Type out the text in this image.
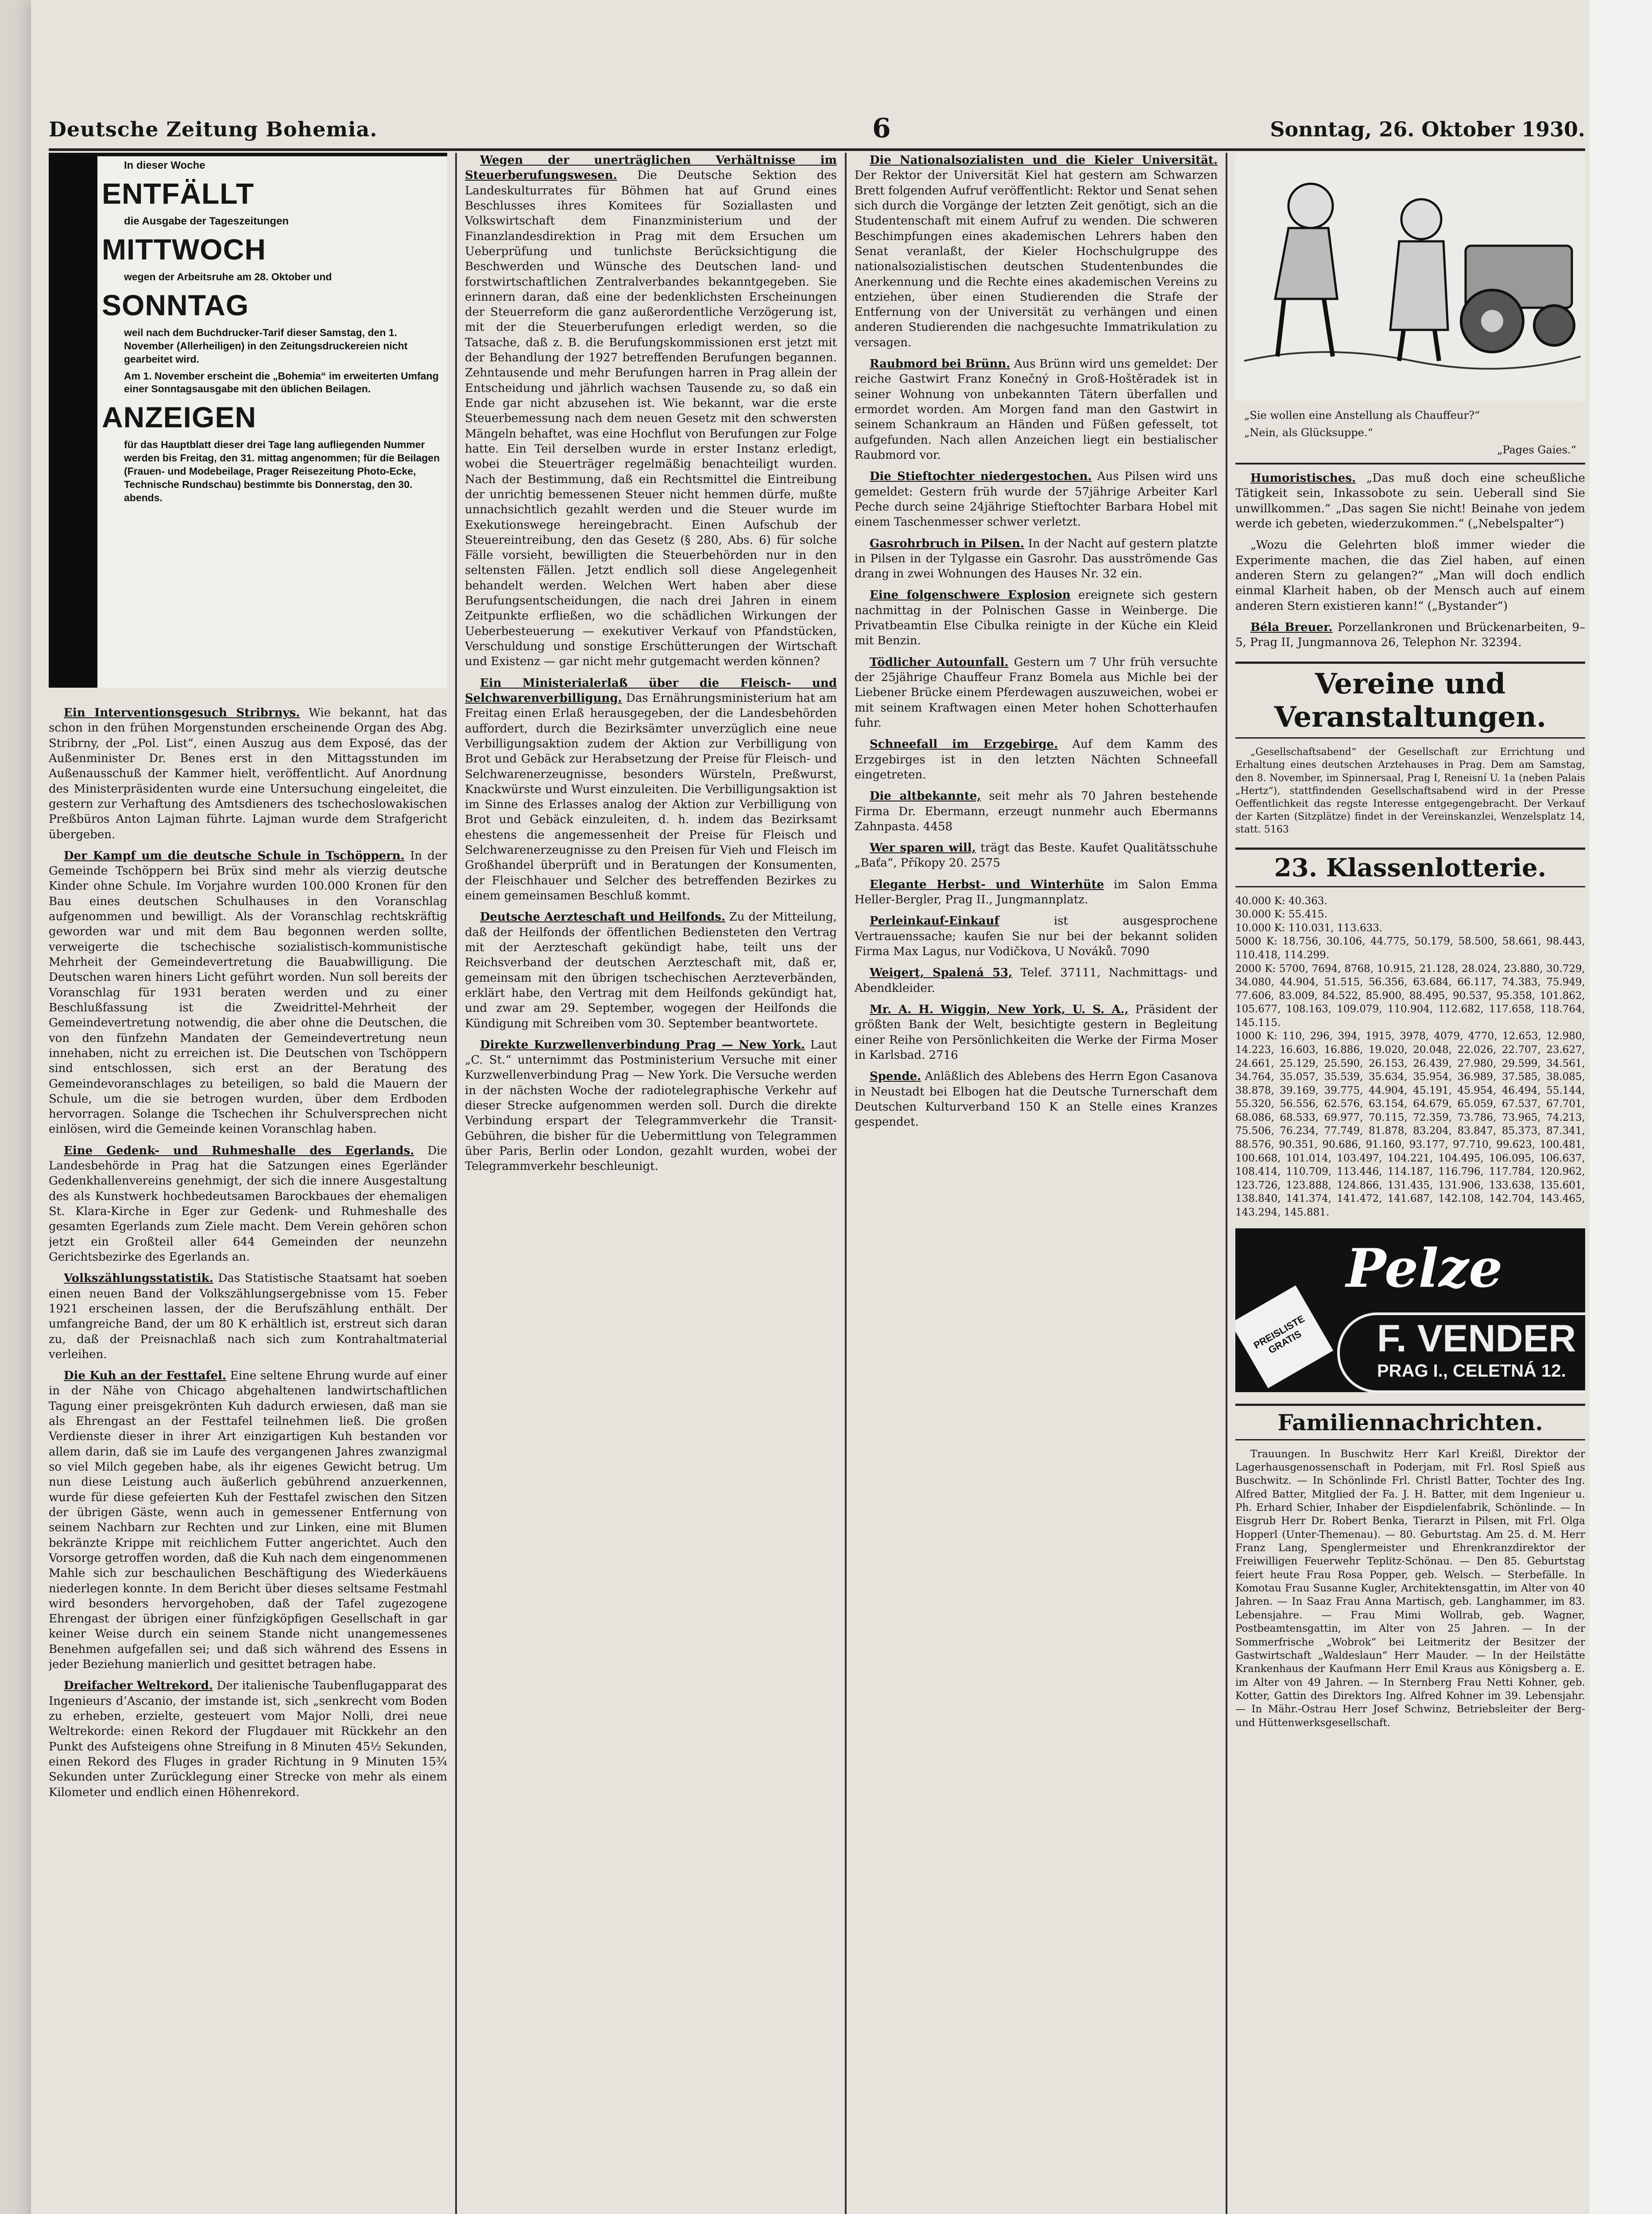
Deutsche Zeitung Bohemia.	6	Sonntag, 26. Oktober 1930.
In dieser Woche
ENTFÄLLT
die Ausgabe der Tageszeitungen
MITTWOCH
wegen der Arbeitsruhe am 28. Oktober und
SONNTAG
weil nach dem Buchdrucker-Tarif dieser Samstag, den 1. November (Allerheiligen) in den Zeitungsdruckereien nicht gearbeitet wird.
Am 1. November erscheint die „Bohemia“ im erweiterten Umfang einer Sonntagsausgabe mit den üblichen Beilagen.
ANZEIGEN
für das Hauptblatt dieser drei Tage lang aufliegenden Nummer werden bis Freitag, den 31. mittag angenommen; für die Beilagen (Frauen- und Modebeilage, Prager Reisezeitung Photo-Ecke, Technische Rundschau) bestimmte bis Donnerstag, den 30. abends.
Ein Interventionsgesuch Stribrnys. Wie bekannt, hat das schon in den frühen Morgenstunden erscheinende Organ des Abg. Stribrny, der „Pol. List“, einen Auszug aus dem Exposé, das der Außenminister Dr. Benes erst in den Mittagsstunden im Außenausschuß der Kammer hielt, veröffentlicht. Auf Anordnung des Ministerpräsidenten wurde eine Untersuchung eingeleitet, die gestern zur Verhaftung des Amtsdieners des tschechoslowakischen Preßbüros Anton Lajman führte. Lajman wurde dem Strafgericht übergeben.
Der Kampf um die deutsche Schule in Tschöppern. In der Gemeinde Tschöppern bei Brüx sind mehr als vierzig deutsche Kinder ohne Schule. Im Vorjahre wurden 100.000 Kronen für den Bau eines deutschen Schulhauses in den Voranschlag aufgenommen und bewilligt. Als der Voranschlag rechtskräftig geworden war und mit dem Bau begonnen werden sollte, verweigerte die tschechische sozialistisch-kommunistische Mehrheit der Gemeindevertretung die Bauabwilligung. Die Deutschen waren hiners Licht geführt worden. Nun soll bereits der Voranschlag für 1931 beraten werden und zu einer Beschlußfassung ist die Zweidrittel-Mehrheit der Gemeindevertretung notwendig, die aber ohne die Deutschen, die von den fünfzehn Mandaten der Gemeindevertretung neun innehaben, nicht zu erreichen ist. Die Deutschen von Tschöppern sind entschlossen, sich erst an der Beratung des Gemeindevoranschlages zu beteiligen, so bald die Mauern der Schule, um die sie betrogen wurden, über dem Erdboden hervorragen. Solange die Tschechen ihr Schulversprechen nicht einlösen, wird die Gemeinde keinen Voranschlag haben.
Eine Gedenk- und Ruhmeshalle des Egerlands. Die Landesbehörde in Prag hat die Satzungen eines Egerländer Gedenkhallenvereins genehmigt, der sich die innere Ausgestaltung des als Kunstwerk hochbedeutsamen Barockbaues der ehemaligen St. Klara-Kirche in Eger zur Gedenk- und Ruhmeshalle des gesamten Egerlands zum Ziele macht. Dem Verein gehören schon jetzt ein Großteil aller 644 Gemeinden der neunzehn Gerichtsbezirke des Egerlands an.
Volkszählungsstatistik. Das Statistische Staatsamt hat soeben einen neuen Band der Volkszählungsergebnisse vom 15. Feber 1921 erscheinen lassen, der die Berufszählung enthält. Der umfangreiche Band, der um 80 K erhältlich ist, erstreut sich daran zu, daß der Preisnachlaß nach sich zum Kontrahaltmaterial verleihen.
Die Kuh an der Festtafel. Eine seltene Ehrung wurde auf einer in der Nähe von Chicago abgehaltenen landwirtschaftlichen Tagung einer preisgekrönten Kuh dadurch erwiesen, daß man sie als Ehrengast an der Festtafel teilnehmen ließ. Die großen Verdienste dieser in ihrer Art einzigartigen Kuh bestanden vor allem darin, daß sie im Laufe des vergangenen Jahres zwanzigmal so viel Milch gegeben habe, als ihr eigenes Gewicht betrug. Um nun diese Leistung auch äußerlich gebührend anzuerkennen, wurde für diese gefeierten Kuh der Festtafel zwischen den Sitzen der übrigen Gäste, wenn auch in gemessener Entfernung von seinem Nachbarn zur Rechten und zur Linken, eine mit Blumen bekränzte Krippe mit reichlichem Futter angerichtet. Auch den Vorsorge getroffen worden, daß die Kuh nach dem eingenommenen Mahle sich zur beschaulichen Beschäftigung des Wiederkäuens niederlegen konnte. In dem Bericht über dieses seltsame Festmahl wird besonders hervorgehoben, daß der Tafel zugezogene Ehrengast der übrigen einer fünfzigköpfigen Gesellschaft in gar keiner Weise durch ein seinem Stande nicht unangemessenes Benehmen aufgefallen sei; und daß sich während des Essens in jeder Beziehung manierlich und gesittet betragen habe.
Dreifacher Weltrekord. Der italienische Taubenflugapparat des Ingenieurs d’Ascanio, der imstande ist, sich „senkrecht vom Boden zu erheben, erzielte, gesteuert vom Major Nolli, drei neue Weltrekorde: einen Rekord der Flugdauer mit Rückkehr an den Punkt des Aufsteigens ohne Streifung in 8 Minuten 45½ Sekunden, einen Rekord des Fluges in grader Richtung in 9 Minuten 15¾ Sekunden unter Zurücklegung einer Strecke von mehr als einem Kilometer und endlich einen Höhenrekord.
Wegen der unerträglichen Verhältnisse im Steuerberufungswesen. Die Deutsche Sektion des Landeskulturrates für Böhmen hat auf Grund eines Beschlusses ihres Komitees für Soziallasten und Volkswirtschaft dem Finanzministerium und der Finanzlandesdirektion in Prag mit dem Ersuchen um Ueberprüfung und tunlichste Berücksichtigung die Beschwerden und Wünsche des Deutschen land- und forstwirtschaftlichen Zentralverbandes bekanntgegeben. Sie erinnern daran, daß eine der bedenklichsten Erscheinungen der Steuerreform die ganz außerordentliche Verzögerung ist, mit der die Steuerberufungen erledigt werden, so die Tatsache, daß z. B. die Berufungskommissionen erst jetzt mit der Behandlung der 1927 betreffenden Berufungen begannen. Zehntausende und mehr Berufungen harren in Prag allein der Entscheidung und jährlich wachsen Tausende zu, so daß ein Ende gar nicht abzusehen ist. Wie bekannt, war die erste Steuerbemessung nach dem neuen Gesetz mit den schwersten Mängeln behaftet, was eine Hochflut von Berufungen zur Folge hatte. Ein Teil derselben wurde in erster Instanz erledigt, wobei die Steuerträger regelmäßig benachteiligt wurden. Nach der Bestimmung, daß ein Rechtsmittel die Eintreibung der unrichtig bemessenen Steuer nicht hemmen dürfe, mußte unnachsichtlich gezahlt werden und die Steuer wurde im Exekutionswege hereingebracht. Einen Aufschub der Steuereintreibung, den das Gesetz (§ 280, Abs. 6) für solche Fälle vorsieht, bewilligten die Steuerbehörden nur in den seltensten Fällen. Jetzt endlich soll diese Angelegenheit behandelt werden. Welchen Wert haben aber diese Berufungsentscheidungen, die nach drei Jahren in einem Zeitpunkte erfließen, wo die schädlichen Wirkungen der Ueberbesteuerung — exekutiver Verkauf von Pfandstücken, Verschuldung und sonstige Erschütterungen der Wirtschaft und Existenz — gar nicht mehr gutgemacht werden können?
Ein Ministerialerlaß über die Fleisch- und Selchwarenverbilligung. Das Ernährungsministerium hat am Freitag einen Erlaß herausgegeben, der die Landesbehörden auffordert, durch die Bezirksämter unverzüglich eine neue Verbilligungsaktion zudem der Aktion zur Verbilligung von Brot und Gebäck zur Herabsetzung der Preise für Fleisch- und Selchwarenerzeugnisse, besonders Würsteln, Preßwurst, Knackwürste und Wurst einzuleiten. Die Verbilligungsaktion ist im Sinne des Erlasses analog der Aktion zur Verbilligung von Brot und Gebäck einzuleiten, d. h. indem das Bezirksamt ehestens die angemessenheit der Preise für Fleisch und Selchwarenerzeugnisse zu den Preisen für Vieh und Fleisch im Großhandel überprüft und in Beratungen der Konsumenten, der Fleischhauer und Selcher des betreffenden Bezirkes zu einem gemeinsamen Beschluß kommt.
Deutsche Aerzteschaft und Heilfonds. Zu der Mitteilung, daß der Heilfonds der öffentlichen Bediensteten den Vertrag mit der Aerzteschaft gekündigt habe, teilt uns der Reichsverband der deutschen Aerzteschaft mit, daß er, gemeinsam mit den übrigen tschechischen Aerzteverbänden, erklärt habe, den Vertrag mit dem Heilfonds gekündigt hat, und zwar am 29. September, wogegen der Heilfonds die Kündigung mit Schreiben vom 30. September beantwortete.
Direkte Kurzwellenverbindung Prag — New York. Laut „C. St.“ unternimmt das Postministerium Versuche mit einer Kurzwellenverbindung Prag — New York. Die Versuche werden in der nächsten Woche der radiotelegraphische Verkehr auf dieser Strecke aufgenommen werden soll. Durch die direkte Verbindung erspart der Telegrammverkehr die Transit-Gebühren, die bisher für die Uebermittlung von Telegrammen über Paris, Berlin oder London, gezahlt wurden, wobei der Telegrammverkehr beschleunigt.
Die Nationalsozialisten und die Kieler Universität. Der Rektor der Universität Kiel hat gestern am Schwarzen Brett folgenden Aufruf veröffentlicht: Rektor und Senat sehen sich durch die Vorgänge der letzten Zeit genötigt, sich an die Studentenschaft mit einem Aufruf zu wenden. Die schweren Beschimpfungen eines akademischen Lehrers haben den Senat veranlaßt, der Kieler Hochschulgruppe des nationalsozialistischen deutschen Studentenbundes die Anerkennung und die Rechte eines akademischen Vereins zu entziehen, über einen Studierenden die Strafe der Entfernung von der Universität zu verhängen und einen anderen Studierenden die nachgesuchte Immatrikulation zu versagen.
Raubmord bei Brünn. Aus Brünn wird uns gemeldet: Der reiche Gastwirt Franz Konečný in Groß-Hoštěradek ist in seiner Wohnung von unbekannten Tätern überfallen und ermordet worden. Am Morgen fand man den Gastwirt in seinem Schankraum an Händen und Füßen gefesselt, tot aufgefunden. Nach allen Anzeichen liegt ein bestialischer Raubmord vor.
Die Stieftochter niedergestochen. Aus Pilsen wird uns gemeldet: Gestern früh wurde der 57jährige Arbeiter Karl Peche durch seine 24jährige Stieftochter Barbara Hobel mit einem Taschenmesser schwer verletzt.
Gasrohrbruch in Pilsen. In der Nacht auf gestern platzte in Pilsen in der Tylgasse ein Gasrohr. Das ausströmende Gas drang in zwei Wohnungen des Hauses Nr. 32 ein.
Eine folgenschwere Explosion ereignete sich gestern nachmittag in der Polnischen Gasse in Weinberge. Die Privatbeamtin Else Cibulka reinigte in der Küche ein Kleid mit Benzin.
Tödlicher Autounfall. Gestern um 7 Uhr früh versuchte der 25jährige Chauffeur Franz Bomela aus Michle bei der Liebener Brücke einem Pferdewagen auszuweichen, wobei er mit seinem Kraftwagen einen Meter hohen Schotterhaufen fuhr.
Schneefall im Erzgebirge. Auf dem Kamm des Erzgebirges ist in den letzten Nächten Schneefall eingetreten.
Die altbekannte, seit mehr als 70 Jahren bestehende Firma Dr. Ebermann, erzeugt nunmehr auch Ebermanns Zahnpasta. 4458
Wer sparen will, trägt das Beste. Kaufet Qualitätsschuhe „Baťa“, Příkopy 20. 2575
Elegante Herbst- und Winterhüte im Salon Emma Heller-Bergler, Prag II., Jungmannplatz.
Perleinkauf-Einkauf	ist ausgesprochene Vertrauenssache; kaufen Sie nur bei der bekannt soliden Firma Max Lagus, nur Vodičkova, U Nováků. 7090
Weigert, Spalená 53, Telef. 37111, Nachmittags- und Abendkleider.
Mr. A. H. Wiggin, New York, U. S. A., Präsident der größten Bank der Welt, besichtigte gestern in Begleitung einer Reihe von Persönlichkeiten die Werke der Firma Moser in Karlsbad. 2716
Spende. Anläßlich des Ablebens des Herrn Egon Casanova in Neustadt bei Elbogen hat die Deutsche Turnerschaft dem Deutschen Kulturverband 150 K an Stelle eines Kranzes gespendet.
„Sie wollen eine Anstellung als Chauffeur?“
„Nein, als Glücksuppe.“
„Pages Gaies.“
Humoristisches. „Das muß doch eine scheußliche Tätigkeit sein, Inkassobote zu sein. Ueberall sind Sie unwillkommen.“ „Das sagen Sie nicht! Beinahe von jedem werde ich gebeten, wiederzukommen.“ („Nebelspalter“)
„Wozu die Gelehrten bloß immer wieder die Experimente machen, die das Ziel haben, auf einen anderen Stern zu gelangen?“ „Man will doch endlich einmal Klarheit haben, ob der Mensch auch auf einem anderen Stern existieren kann!“ („Bystander“)
Béla Breuer. Porzellankronen und Brückenarbeiten, 9–5, Prag II, Jungmannova 26, Telephon Nr. 32394.
Vereine und Veranstaltungen.
„Gesellschaftsabend“ der Gesellschaft zur Errichtung und Erhaltung eines deutschen Arztehauses in Prag. Dem am Samstag, den 8. November, im Spinnersaal, Prag I, Reneisní U. 1a (neben Palais „Hertz“), stattfindenden Gesellschaftsabend wird in der Presse Oeffentlichkeit das regste Interesse entgegengebracht. Der Verkauf der Karten (Sitzplätze) findet in der Vereinskanzlei, Wenzelsplatz 14, statt. 5163
23. Klassenlotterie.
40.000 K: 40.363.
30.000 K: 55.415.
10.000 K: 110.031, 113.633.
5000 K: 18.756, 30.106, 44.775, 50.179, 58.500, 58.661, 98.443, 110.418, 114.299.
2000 K: 5700, 7694, 8768, 10.915, 21.128, 28.024, 23.880, 30.729, 34.080, 44.904, 51.515, 56.356, 63.684, 66.117, 74.383, 75.949, 77.606, 83.009, 84.522, 85.900, 88.495, 90.537, 95.358, 101.862, 105.677, 108.163, 109.079, 110.904, 112.682, 117.658, 118.764, 145.115.
1000 K: 110, 296, 394, 1915, 3978, 4079, 4770, 12.653, 12.980, 14.223, 16.603, 16.886, 19.020, 20.048, 22.026, 22.707, 23.627, 24.661, 25.129, 25.590, 26.153, 26.439, 27.980, 29.599, 34.561, 34.764, 35.057, 35.539, 35.634, 35.954, 36.989, 37.585, 38.085, 38.878, 39.169, 39.775, 44.904, 45.191, 45.954, 46.494, 55.144, 55.320, 56.556, 62.576, 63.154, 64.679, 65.059, 67.537, 67.701, 68.086, 68.533, 69.977, 70.115, 72.359, 73.786, 73.965, 74.213, 75.506, 76.234, 77.749, 81.878, 83.204, 83.847, 85.373, 87.341, 88.576, 90.351, 90.686, 91.160, 93.177, 97.710, 99.623, 100.481, 100.668, 101.014, 103.497, 104.221, 104.495, 106.095, 106.637, 108.414, 110.709, 113.446, 114.187, 116.796, 117.784, 120.962, 123.726, 123.888, 124.866, 131.435, 131.906, 133.638, 135.601, 138.840, 141.374, 141.472, 141.687, 142.108, 142.704, 143.465, 143.294, 145.881.
Pelze
PREISLISTE GRATIS	F. VENDER
PRAG I., CELETNÁ 12.
Familiennachrichten.
Trauungen. In Buschwitz Herr Karl Kreißl, Direktor der Lagerhausgenossenschaft in Poderjam, mit Frl. Rosl Spieß aus Buschwitz. — In Schönlinde Frl. Christl Batter, Tochter des Ing. Alfred Batter, Mitglied der Fa. J. H. Batter, mit dem Ingenieur u. Ph. Erhard Schier, Inhaber der Eispdielenfabrik, Schönlinde. — In Eisgrub Herr Dr. Robert Benka, Tierarzt in Pilsen, mit Frl. Olga Hopperl (Unter-Themenau). — 80. Geburtstag. Am 25. d. M. Herr Franz Lang, Spenglermeister und Ehrenkranzdirektor der Freiwilligen Feuerwehr Teplitz-Schönau. — Den 85. Geburtstag feiert heute Frau Rosa Popper, geb. Welsch. — Sterbefälle. In Komotau Frau Susanne Kugler, Architektensgattin, im Alter von 40 Jahren. — In Saaz Frau Anna Martisch, geb. Langhammer, im 83. Lebensjahre. — Frau Mimi Wollrab, geb. Wagner, Postbeamtensgattin, im Alter von 25 Jahren. — In der Sommerfrische „Wobrok“ bei Leitmeritz der Besitzer der Gastwirtschaft „Waldeslaun“ Herr Mauder. — In der Heilstätte Krankenhaus der Kaufmann Herr Emil Kraus aus Königsberg a. E. im Alter von 49 Jahren. — In Sternberg Frau Netti Kohner, geb. Kotter, Gattin des Direktors Ing. Alfred Kohner im 39. Lebensjahr. — In Mähr.-Ostrau Herr Josef Schwinz, Betriebsleiter der Berg- und Hüttenwerksgesellschaft.
